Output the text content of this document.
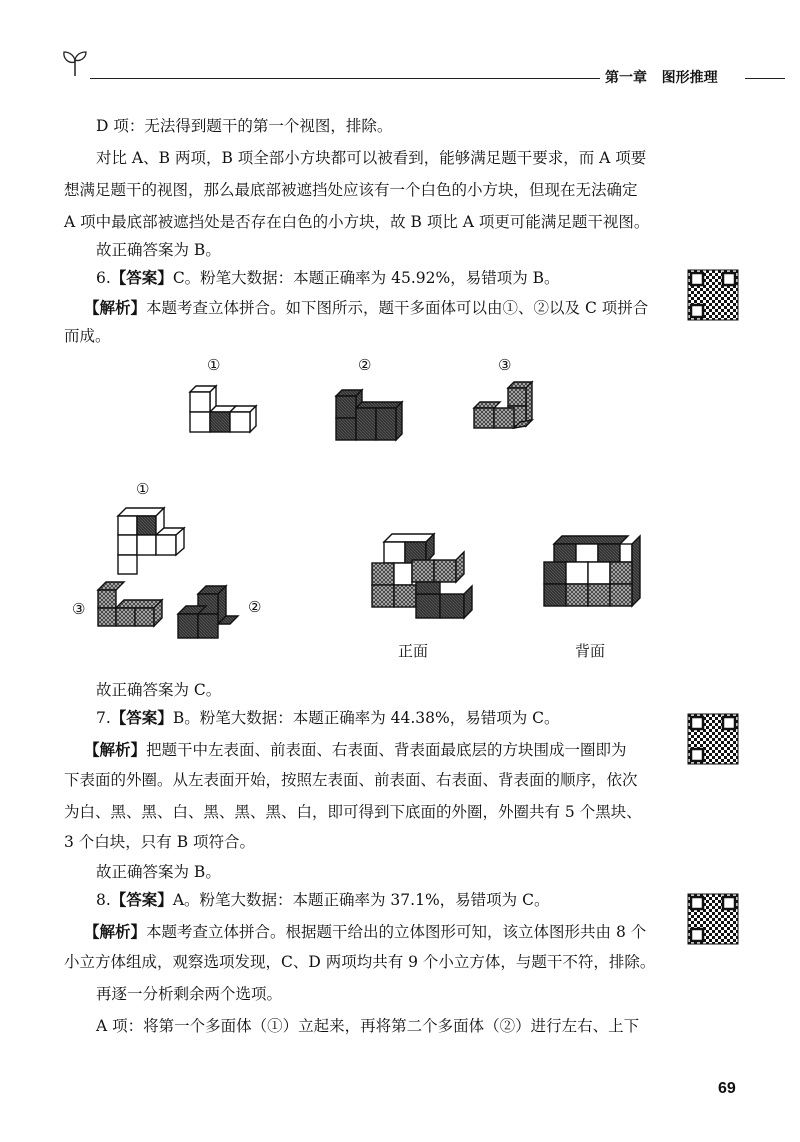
第一章 图形推理
D 项：无法得到题干的第一个视图，排除。
对比 A、B 两项，B 项全部小方块都可以被看到，能够满足题干要求，而 A 项要
想满足题干的视图，那么最底部被遮挡处应该有一个白色的小方块，但现在无法确定
A 项中最底部被遮挡处是否存在白色的小方块，故 B 项比 A 项更可能满足题干视图。
故正确答案为 B。
6.【答案】C。粉笔大数据：本题正确率为 45.92%，易错项为 B。
【解析】本题考查立体拼合。如下图所示，题干多面体可以由①、②以及 C 项拼合
而成。
①	②	③
①
③	②
正面	背面
故正确答案为 C。
7.【答案】B。粉笔大数据：本题正确率为 44.38%，易错项为 C。
【解析】把题干中左表面、前表面、右表面、背表面最底层的方块围成一圈即为
下表面的外圈。从左表面开始，按照左表面、前表面、右表面、背表面的顺序，依次
为白、黑、黑、白、黑、黑、黑、白，即可得到下底面的外圈，外圈共有 5 个黑块、
3 个白块，只有 B 项符合。
故正确答案为 B。
8.【答案】A。粉笔大数据：本题正确率为 37.1%，易错项为 C。
【解析】本题考查立体拼合。根据题干给出的立体图形可知，该立体图形共由 8 个
小立方体组成，观察选项发现，C、D 两项均共有 9 个小立方体，与题干不符，排除。
再逐一分析剩余两个选项。
A 项：将第一个多面体（①）立起来，再将第二个多面体（②）进行左右、上下
69
